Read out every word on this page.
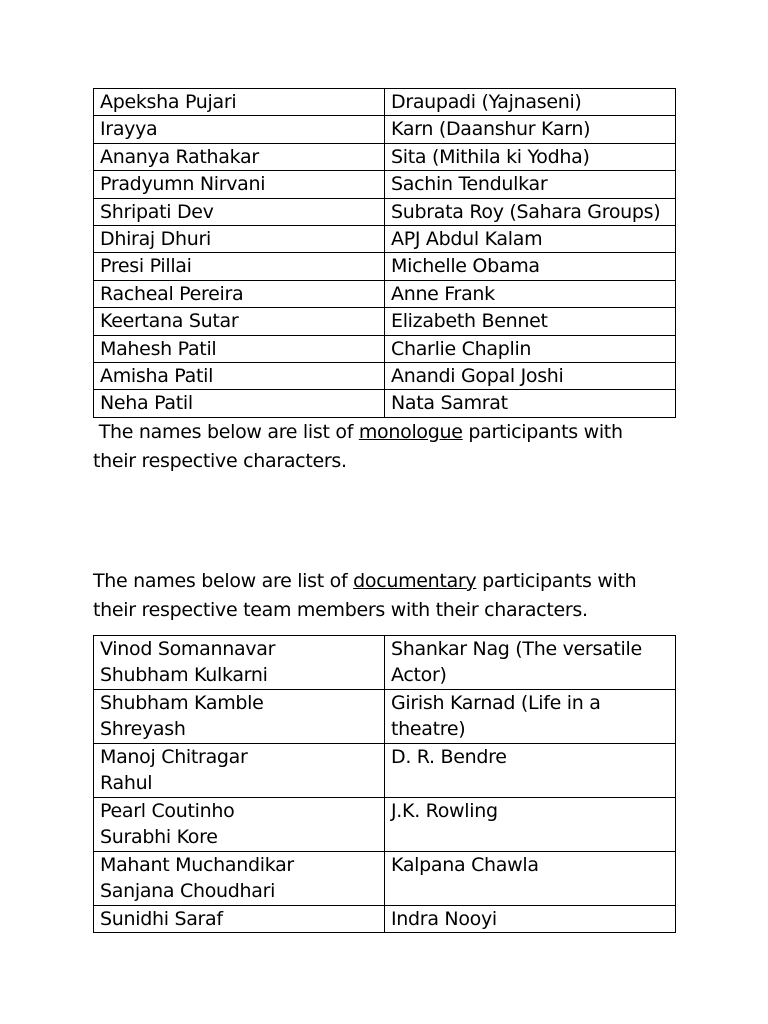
Apeksha Pujari	Draupadi (Yajnaseni)
Irayya	Karn (Daanshur Karn)
Ananya Rathakar	Sita (Mithila ki Yodha)
Pradyumn Nirvani	Sachin Tendulkar
Shripati Dev	Subrata Roy (Sahara Groups)
Dhiraj Dhuri	APJ Abdul Kalam
Presi Pillai	Michelle Obama
Racheal Pereira	Anne Frank
Keertana Sutar	Elizabeth Bennet
Mahesh Patil	Charlie Chaplin
Amisha Patil	Anandi Gopal Joshi
Neha Patil	Nata Samrat

The names below are list of monologue participants with
their respective characters.

The names below are list of documentary participants with
their respective team members with their characters.

Vinod Somannavar
Shubham Kulkarni	Shankar Nag (The versatile Actor)

Shubham Kamble
Shreyash	Girish Karnad (Life in a theatre)

Manoj Chitragar
Rahul	D. R. Bendre

Pearl Coutinho
Surabhi Kore	J.K. Rowling

Mahant Muchandikar
Sanjana Choudhari	Kalpana Chawla

Sunidhi Saraf	Indra Nooyi
